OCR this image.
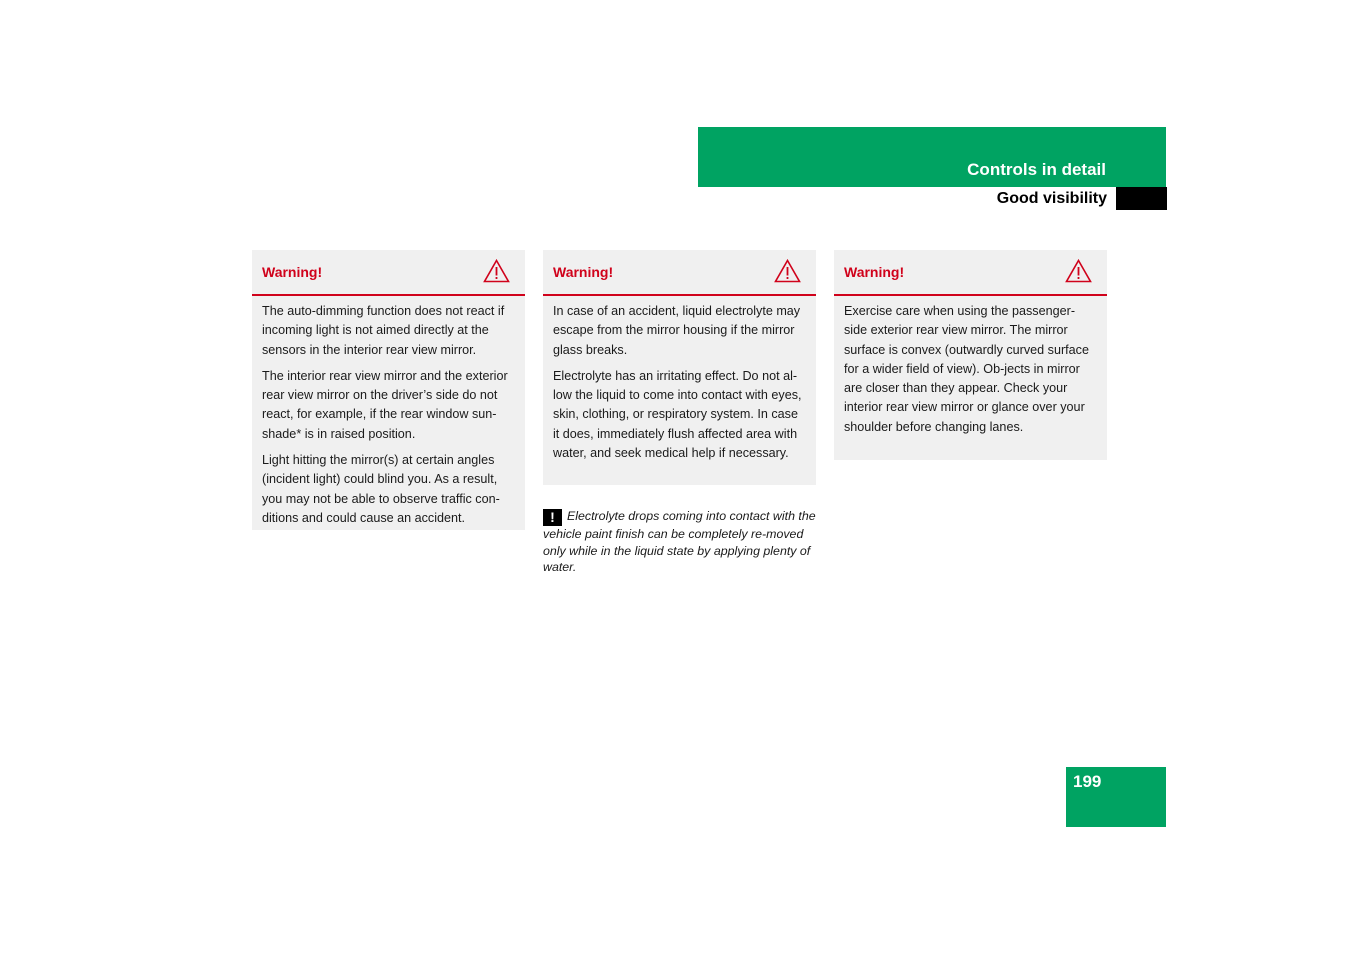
Controls in detail
Good visibility
Warning!

The auto-dimming function does not react if incoming light is not aimed directly at the sensors in the interior rear view mirror.

The interior rear view mirror and the exterior rear view mirror on the driver’s side do not react, for example, if the rear window sun-shade* is in raised position.

Light hitting the mirror(s) at certain angles (incident light) could blind you. As a result, you may not be able to observe traffic con-ditions and could cause an accident.

Warning!

In case of an accident, liquid electrolyte may escape from the mirror housing if the mirror glass breaks.

Electrolyte has an irritating effect. Do not al-low the liquid to come into contact with eyes, skin, clothing, or respiratory system. In case it does, immediately flush affected area with water, and seek medical help if necessary.

! Electrolyte drops coming into contact with the vehicle paint finish can be completely re-moved only while in the liquid state by applying plenty of water.
Warning!

Exercise care when using the passenger-side exterior rear view mirror. The mirror surface is convex (outwardly curved surface for a wider field of view). Ob-jects in mirror are closer than they appear. Check your interior rear view mirror or glance over your shoulder before changing lanes.

199
